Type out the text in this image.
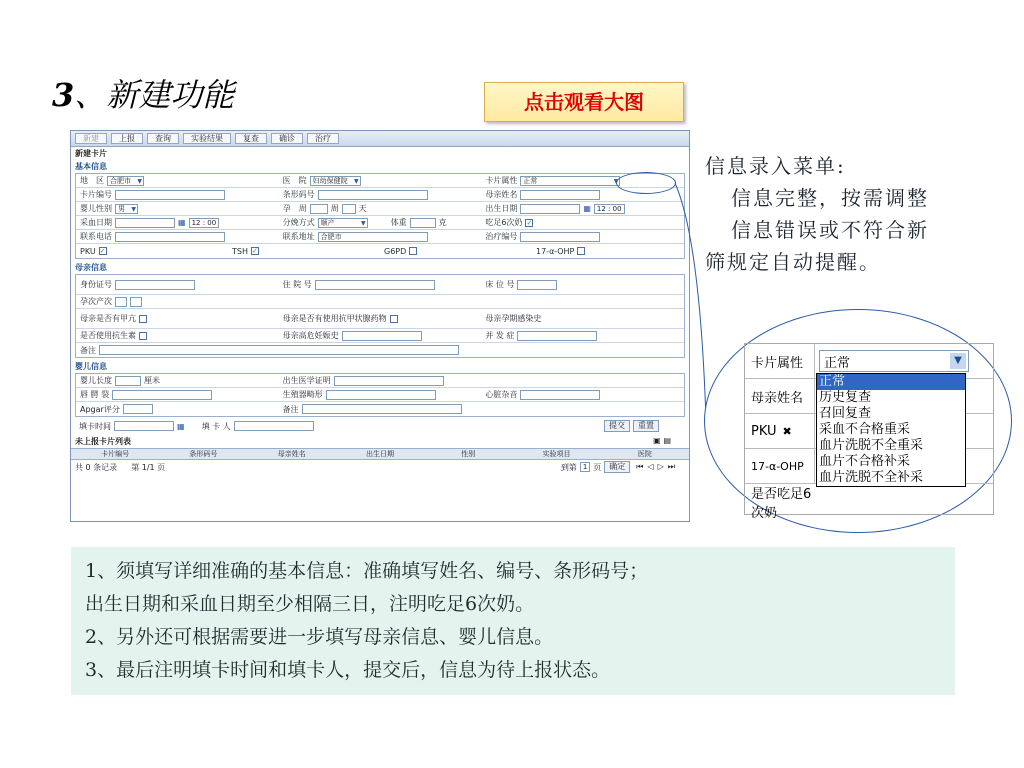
3、新建功能	点击观看大图
新建	上报	查询	实验结果	复查	确诊	治疗
新建卡片
基本信息
地　区 合肥市 ▼	医　院 妇幼保健院 ▼	卡片属性 正常 ▼
卡片编号	条形码号	母亲姓名
婴儿性别 男 ▼	孕　周	周	天	出生日期	▦ 12 : 00
采血日期	▦ 12 : 00	分娩方式 顺产 ▼	体重	克	吃足6次奶 ✓
联系电话	联系地址 合肥市	治疗编号
PKU ✓	TSH ✓	G6PD	17-α-OHP
母亲信息
身份证号	住 院 号	床 位 号
孕次产次
母亲是否有甲亢	母亲是否有使用抗甲状腺药物	母亲孕期感染史
是否使用抗生素	母亲高危妊娠史	并 发 症
备注
婴儿信息
婴儿长度	厘米	出生医学证明
唇 腭 裂	生殖器畸形	心脏杂音
Apgar评分	备注
填卡时间	▦ 填 卡 人	提交	重置
未上报卡片列表	▣ ▤
卡片编号	条形码号	母亲姓名	出生日期	性别	实验项目	医院
共 0 条记录 第 1/1 页	到第 1 页	确定	⏮◁▷⏭
信息录入菜单:
信息完整，按需调整
信息错误或不符合新
筛规定自动提醒。
卡片属性	正常	▼
母亲姓名
PKU ✖
17-α-OHP
是否吃足6次奶
正常
历史复查
召回复查
采血不合格重采
血片洗脱不全重采
血片不合格补采
血片洗脱不全补采
1、须填写详细准确的基本信息：准确填写姓名、编号、条形码号；
出生日期和采血日期至少相隔三日，注明吃足6次奶。
2、另外还可根据需要进一步填写母亲信息、婴儿信息。
3、最后注明填卡时间和填卡人，提交后，信息为待上报状态。
